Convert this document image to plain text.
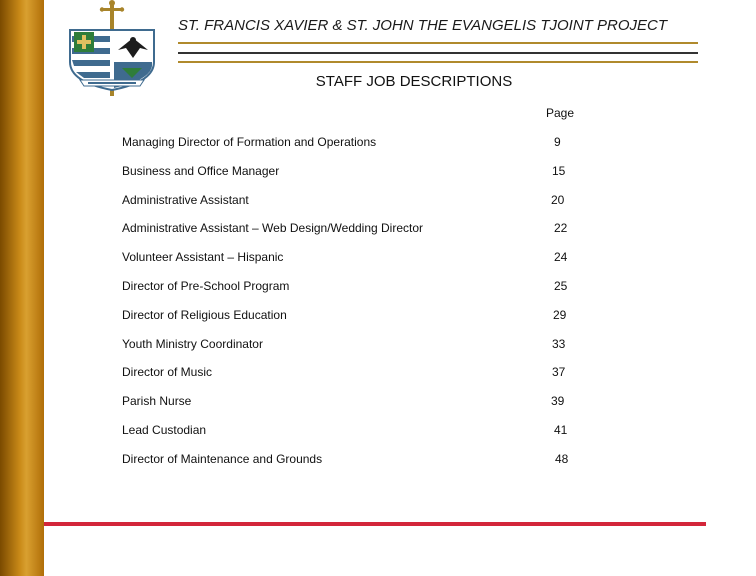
ST. FRANCIS XAVIER & ST. JOHN THE EVANGELIS TJOINT PROJECT
STAFF JOB DESCRIPTIONS
Page
Managing Director of Formation and Operations	9
Business and Office Manager	15
Administrative Assistant	20
Administrative Assistant – Web Design/Wedding Director	22
Volunteer Assistant – Hispanic	24
Director of Pre-School Program	25
Director of Religious Education	29
Youth Ministry Coordinator	33
Director of Music	37
Parish Nurse	39
Lead Custodian	41
Director of Maintenance and Grounds	48
